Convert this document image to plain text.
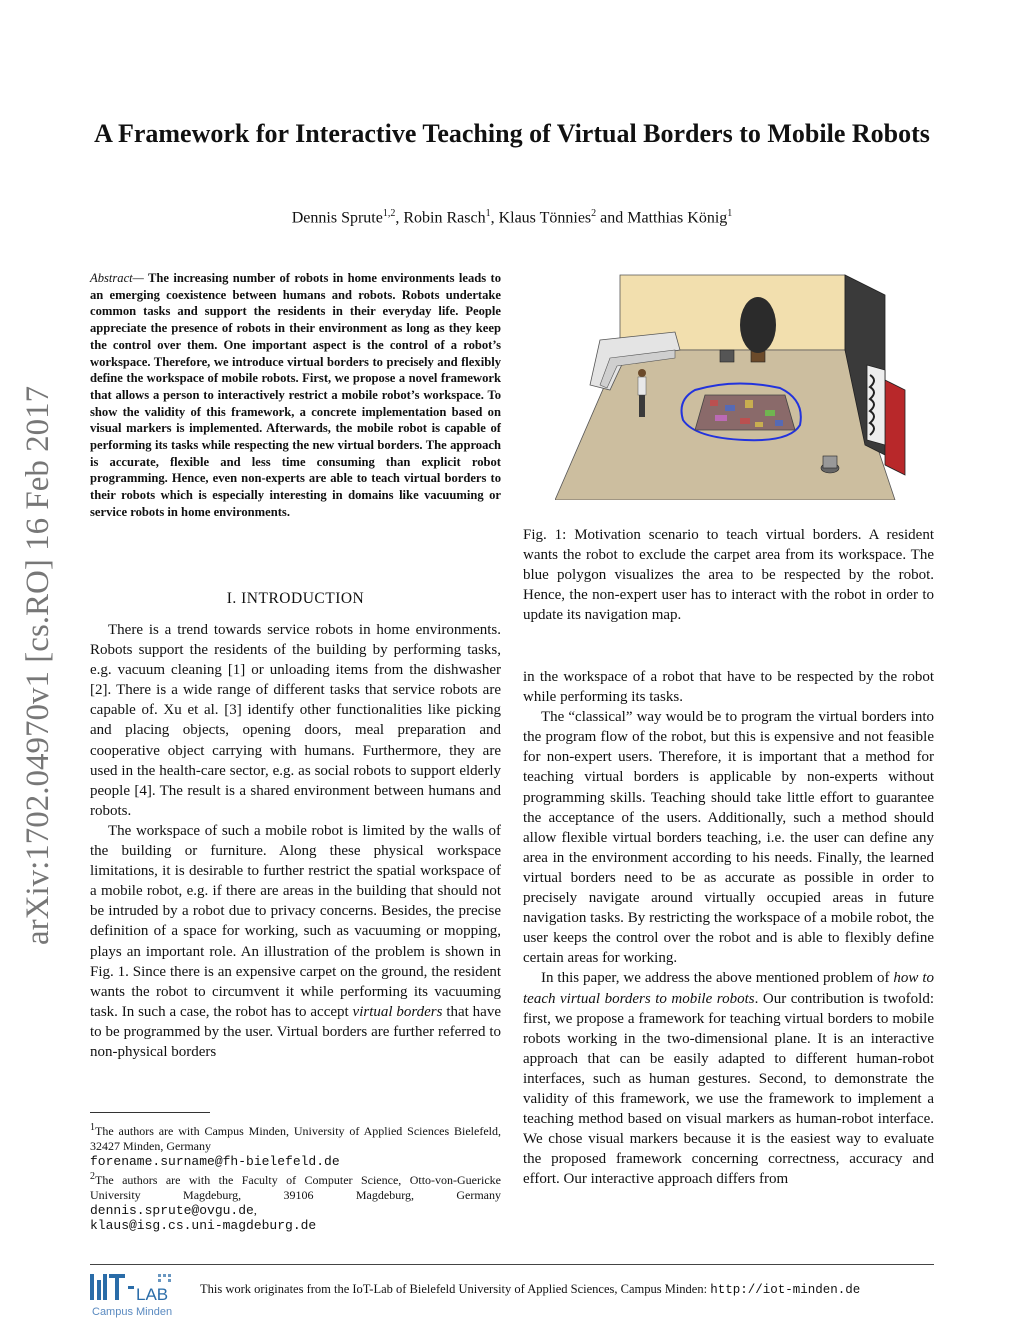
A Framework for Interactive Teaching of Virtual Borders to Mobile Robots
Dennis Sprute$^{1,2}$, Robin Rasch$^1$, Klaus Tönnies$^2$ and Matthias König$^1$
arXiv:1702.04970v1 [cs.RO] 16 Feb 2017
Abstract— The increasing number of robots in home environments leads to an emerging coexistence between humans and robots. Robots undertake common tasks and support the residents in their everyday life. People appreciate the presence of robots in their environment as long as they keep the control over them. One important aspect is the control of a robot’s workspace. Therefore, we introduce virtual borders to precisely and flexibly define the workspace of mobile robots. First, we propose a novel framework that allows a person to interactively restrict a mobile robot’s workspace. To show the validity of this framework, a concrete implementation based on visual markers is implemented. Afterwards, the mobile robot is capable of performing its tasks while respecting the new virtual borders. The approach is accurate, flexible and less time consuming than explicit robot programming. Hence, even non-experts are able to teach virtual borders to their robots which is especially interesting in domains like vacuuming or service robots in home environments.
I. INTRODUCTION

There is a trend towards service robots in home environments. Robots support the residents of the building by performing tasks, e.g. vacuum cleaning [1] or unloading items from the dishwasher [2]. There is a wide range of different tasks that service robots are capable of. Xu et al. [3] identify other functionalities like picking and placing objects, opening doors, meal preparation and cooperative object carrying with humans. Furthermore, they are used in the health-care sector, e.g. as social robots to support elderly people [4]. The result is a shared environment between humans and robots.

The workspace of such a mobile robot is limited by the walls of the building or furniture. Along these physical workspace limitations, it is desirable to further restrict the spatial workspace of a mobile robot, e.g. if there are areas in the building that should not be intruded by a robot due to privacy concerns. Besides, the precise definition of a space for working, such as vacuuming or mopping, plays an important role. An illustration of the problem is shown in Fig. 1. Since there is an expensive carpet on the ground, the resident wants the robot to circumvent it while performing its vacuuming task. In such a case, the robot has to accept virtual borders that have to be programmed by the user. Virtual borders are further referred to non-physical borders

$^1$The authors are with Campus Minden, University of Applied Sciences Bielefeld, 32427 Minden, Germany
forename.surname@fh-bielefeld.de

$^2$The authors are with the Faculty of Computer Science, Otto-von-Guericke University Magdeburg, 39106 Magdeburg, Germany dennis.sprute@ovgu.de,
klaus@isg.cs.uni-magdeburg.de

Fig. 1: Motivation scenario to teach virtual borders. A resident wants the robot to exclude the carpet area from its workspace. The blue polygon visualizes the area to be respected by the robot. Hence, the non-expert user has to interact with the robot in order to update its navigation map.

in the workspace of a robot that have to be respected by the robot while performing its tasks.

The “classical” way would be to program the virtual borders into the program flow of the robot, but this is expensive and not feasible for non-expert users. Therefore, it is important that a method for teaching virtual borders is applicable by non-experts without programming skills. Teaching should take little effort to guarantee the acceptance of the users. Additionally, such a method should allow flexible virtual borders teaching, i.e. the user can define any area in the environment according to his needs. Finally, the learned virtual borders need to be as accurate as possible in order to precisely navigate around virtually occupied areas in future navigation tasks. By restricting the workspace of a mobile robot, the user keeps the control over the robot and is able to flexibly define certain areas for working.

In this paper, we address the above mentioned problem of how to teach virtual borders to mobile robots. Our contribution is twofold: first, we propose a framework for teaching virtual borders to mobile robots working in the two-dimensional plane. It is an interactive approach that can be easily adapted to different human-robot interfaces, such as human gestures. Second, to demonstrate the validity of this framework, we use the framework to implement a teaching method based on visual markers as human-robot interface. We chose visual markers because it is the easiest way to evaluate the proposed framework concerning correctness, accuracy and effort. Our interactive approach differs from

LAB
Campus Minden
This work originates from the IoT-Lab of Bielefeld University of Applied Sciences, Campus Minden: http://iot-minden.de
